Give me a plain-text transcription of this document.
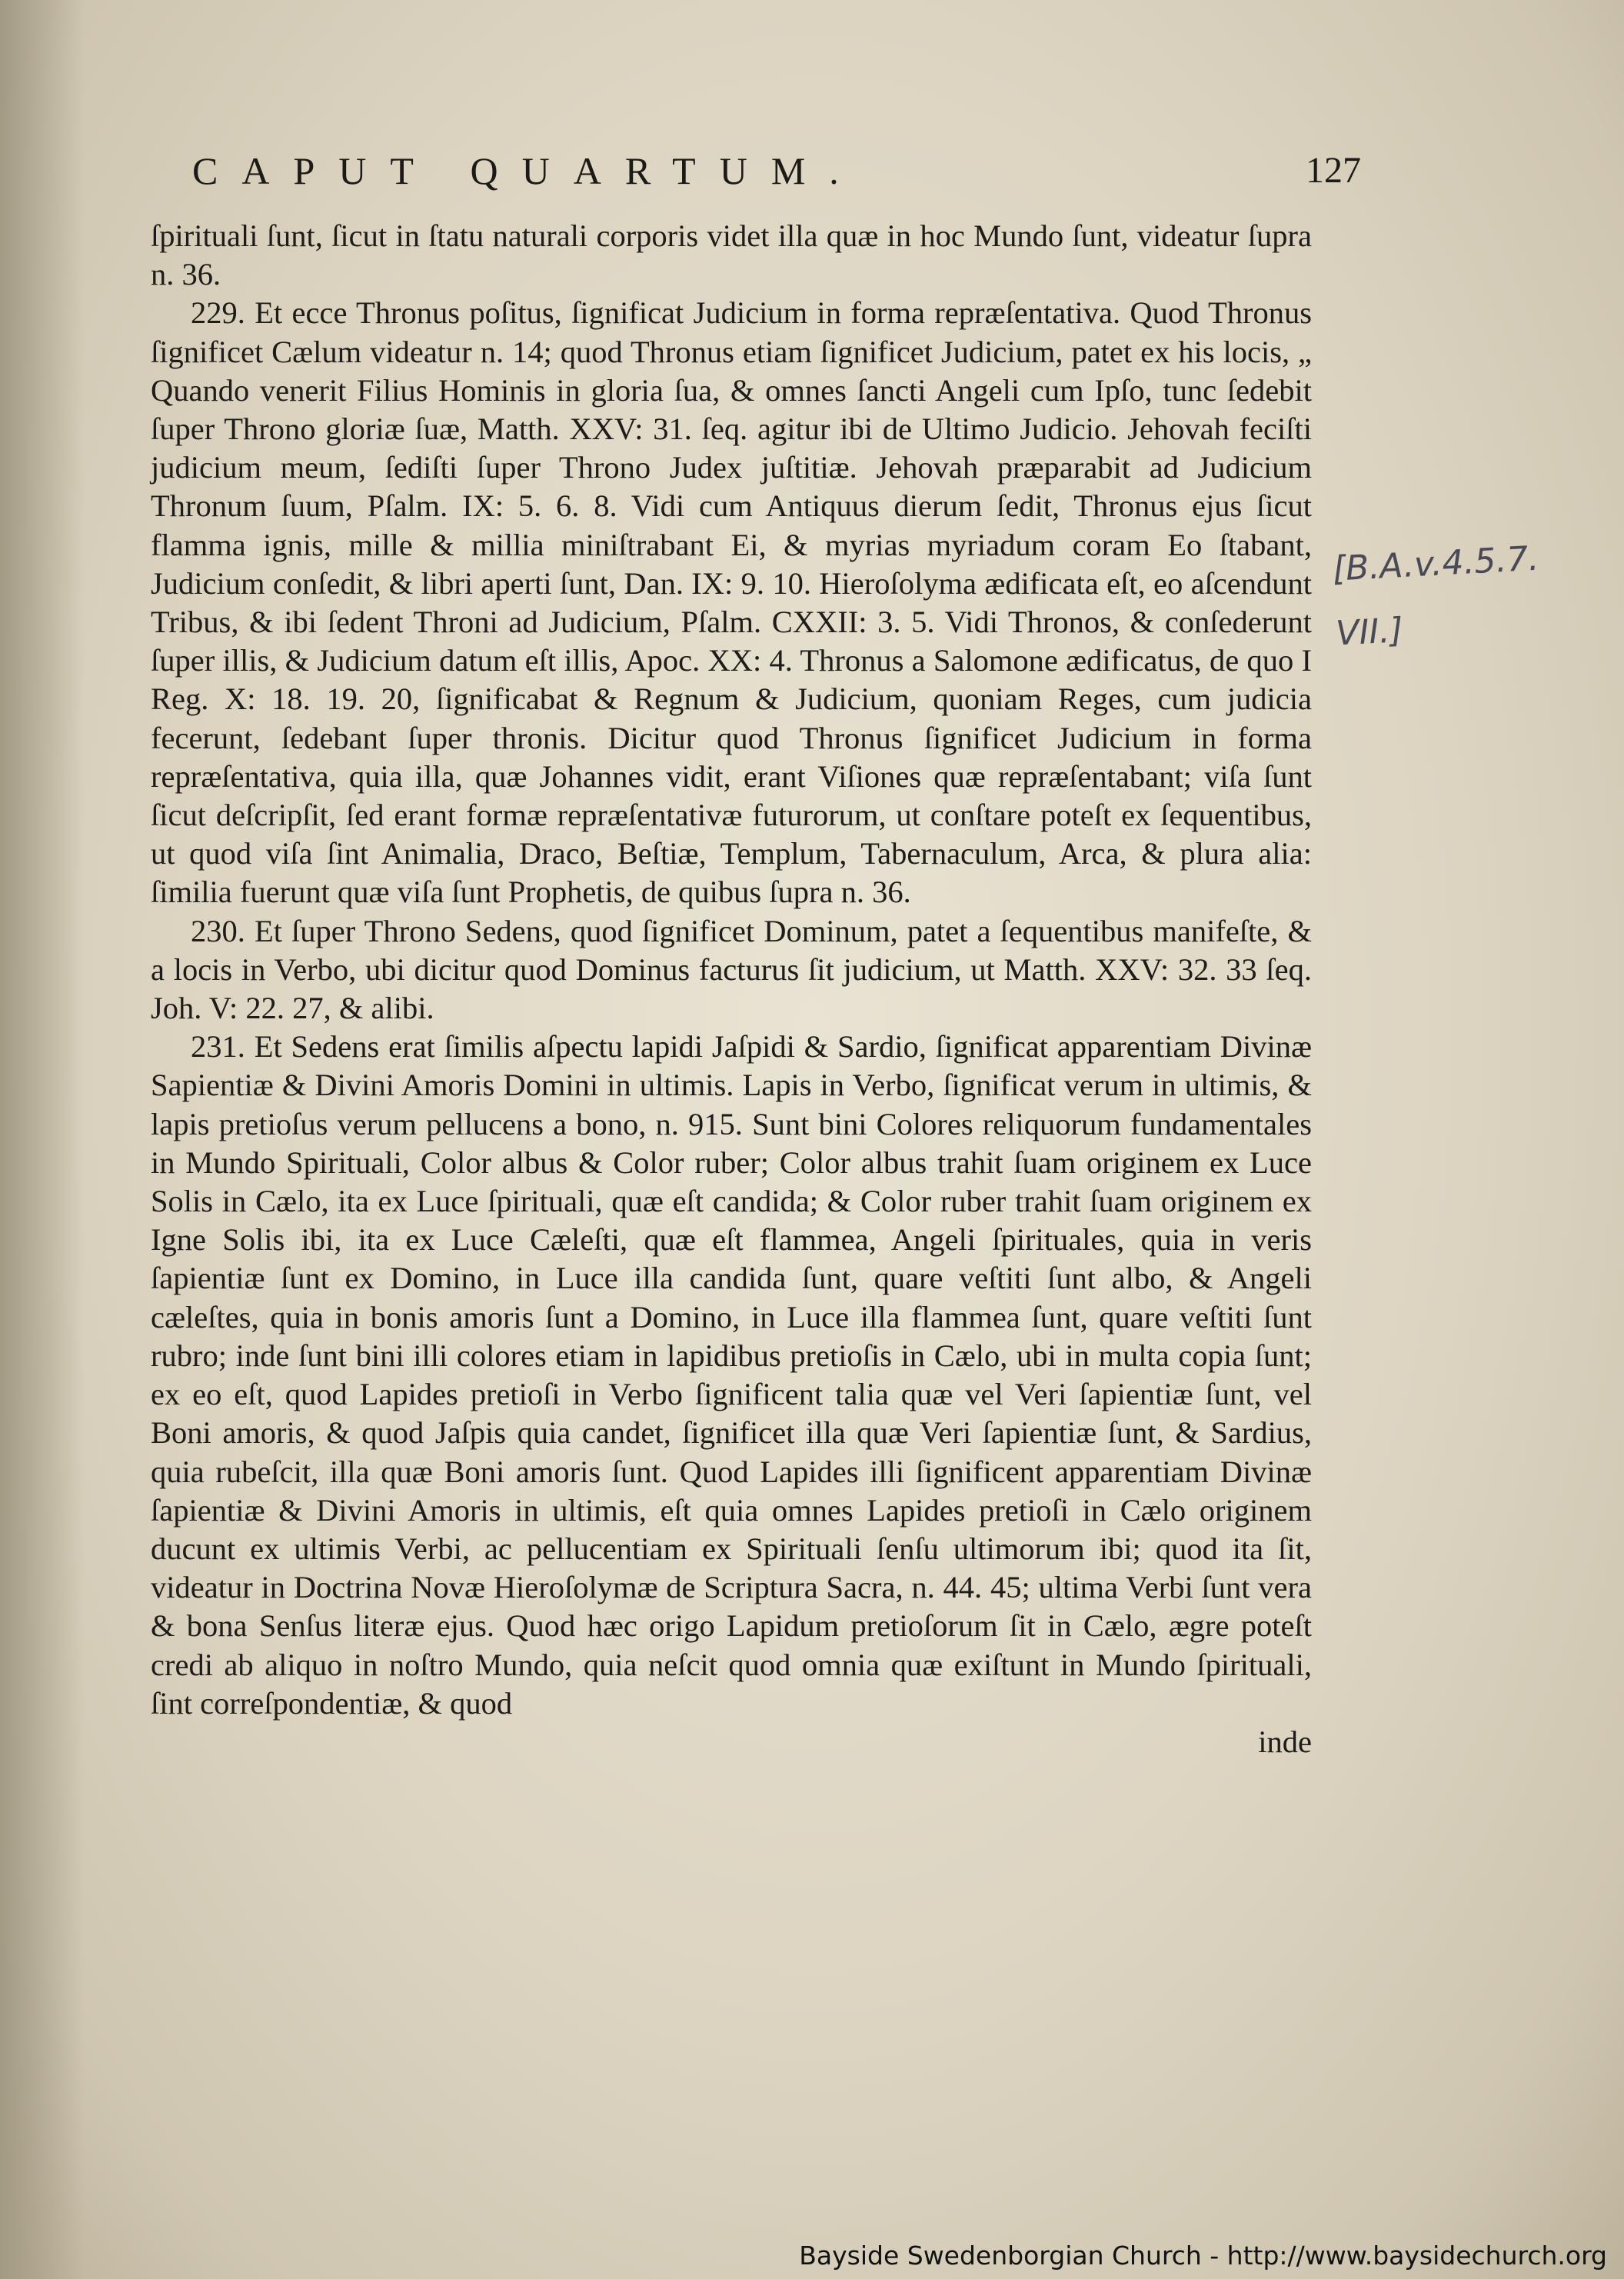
CAPUT QUARTUM.	127

ſpirituali ſunt, ſicut in ſtatu naturali corporis videt illa quæ in hoc Mundo ſunt, videatur ſupra n. 36.

229. Et ecce Thronus poſitus, ſignificat Judicium in forma repræſentativa. Quod Thronus ſignificet Cælum videatur n. 14; quod Thronus etiam ſignificet Judicium, patet ex his locis, „ Quando venerit Filius Hominis in gloria ſua, & omnes ſancti Angeli cum Ipſo, tunc ſedebit ſuper Throno gloriæ ſuæ, Matth. XXV: 31. ſeq. agitur ibi de Ultimo Judicio. Jehovah feciſti judicium meum, ſediſti ſuper Throno Judex juſtitiæ. Jehovah præparabit ad Judicium Thronum ſuum, Pſalm. IX: 5. 6. 8. Vidi cum Antiquus dierum ſedit, Thronus ejus ſicut flamma ignis, mille & millia miniſtrabant Ei, & myrias myriadum coram Eo ſtabant, Judicium conſedit, & libri aperti ſunt, Dan. IX: 9. 10. Hieroſolyma ædificata eſt, eo aſcendunt Tribus, & ibi ſedent Throni ad Judicium, Pſalm. CXXII: 3. 5. Vidi Thronos, & conſederunt ſuper illis, & Judicium datum eſt illis, Apoc. XX: 4. Thronus a Salomone ædificatus, de quo I Reg. X: 18. 19. 20, ſignificabat & Regnum & Judicium, quoniam Reges, cum judicia fecerunt, ſedebant ſuper thronis. Dicitur quod Thronus ſignificet Judicium in forma repræſentativa, quia illa, quæ Johannes vidit, erant Viſiones quæ repræſentabant; viſa ſunt ſicut deſcripſit, ſed erant formæ repræſentativæ futurorum, ut conſtare poteſt ex ſequentibus, ut quod viſa ſint Animalia, Draco, Beſtiæ, Templum, Tabernaculum, Arca, & plura alia: ſimilia fuerunt quæ viſa ſunt Prophetis, de quibus ſupra n. 36.

230. Et ſuper Throno Sedens, quod ſignificet Dominum, patet a ſequentibus manifeſte, & a locis in Verbo, ubi dicitur quod Dominus facturus ſit judicium, ut Matth. XXV: 32. 33 ſeq. Joh. V: 22. 27, & alibi.

231. Et Sedens erat ſimilis aſpectu lapidi Jaſpidi & Sardio, ſignificat apparentiam Divinæ Sapientiæ & Divini Amoris Domini in ultimis. Lapis in Verbo, ſignificat verum in ultimis, & lapis pretioſus verum pellucens a bono, n. 915. Sunt bini Colores reliquorum fundamentales in Mundo Spirituali, Color albus & Color ruber; Color albus trahit ſuam originem ex Luce Solis in Cælo, ita ex Luce ſpirituali, quæ eſt candida; & Color ruber trahit ſuam originem ex Igne Solis ibi, ita ex Luce Cæleſti, quæ eſt flammea, Angeli ſpirituales, quia in veris ſapientiæ ſunt ex Domino, in Luce illa candida ſunt, quare veſtiti ſunt albo, & Angeli cæleſtes, quia in bonis amoris ſunt a Domino, in Luce illa flammea ſunt, quare veſtiti ſunt rubro; inde ſunt bini illi colores etiam in lapidibus pretioſis in Cælo, ubi in multa copia ſunt; ex eo eſt, quod Lapides pretioſi in Verbo ſignificent talia quæ vel Veri ſapientiæ ſunt, vel Boni amoris, & quod Jaſpis quia candet, ſignificet illa quæ Veri ſapientiæ ſunt, & Sardius, quia rubeſcit, illa quæ Boni amoris ſunt. Quod Lapides illi ſignificent apparentiam Divinæ ſapientiæ & Divini Amoris in ultimis, eſt quia omnes Lapides pretioſi in Cælo originem ducunt ex ultimis Verbi, ac pellucentiam ex Spirituali ſenſu ultimorum ibi; quod ita ſit, videatur in Doctrina Novæ Hieroſolymæ de Scriptura Sacra, n. 44. 45; ultima Verbi ſunt vera & bona Senſus literæ ejus. Quod hæc origo Lapidum pretioſorum ſit in Cælo, ægre poteſt credi ab aliquo in noſtro Mundo, quia neſcit quod omnia quæ exiſtunt in Mundo ſpirituali, ſint correſpondentiæ, & quod

inde
[B.A.v.4.5.7.
VII.]
Bayside Swedenborgian Church - http://www.baysidechurch.org
